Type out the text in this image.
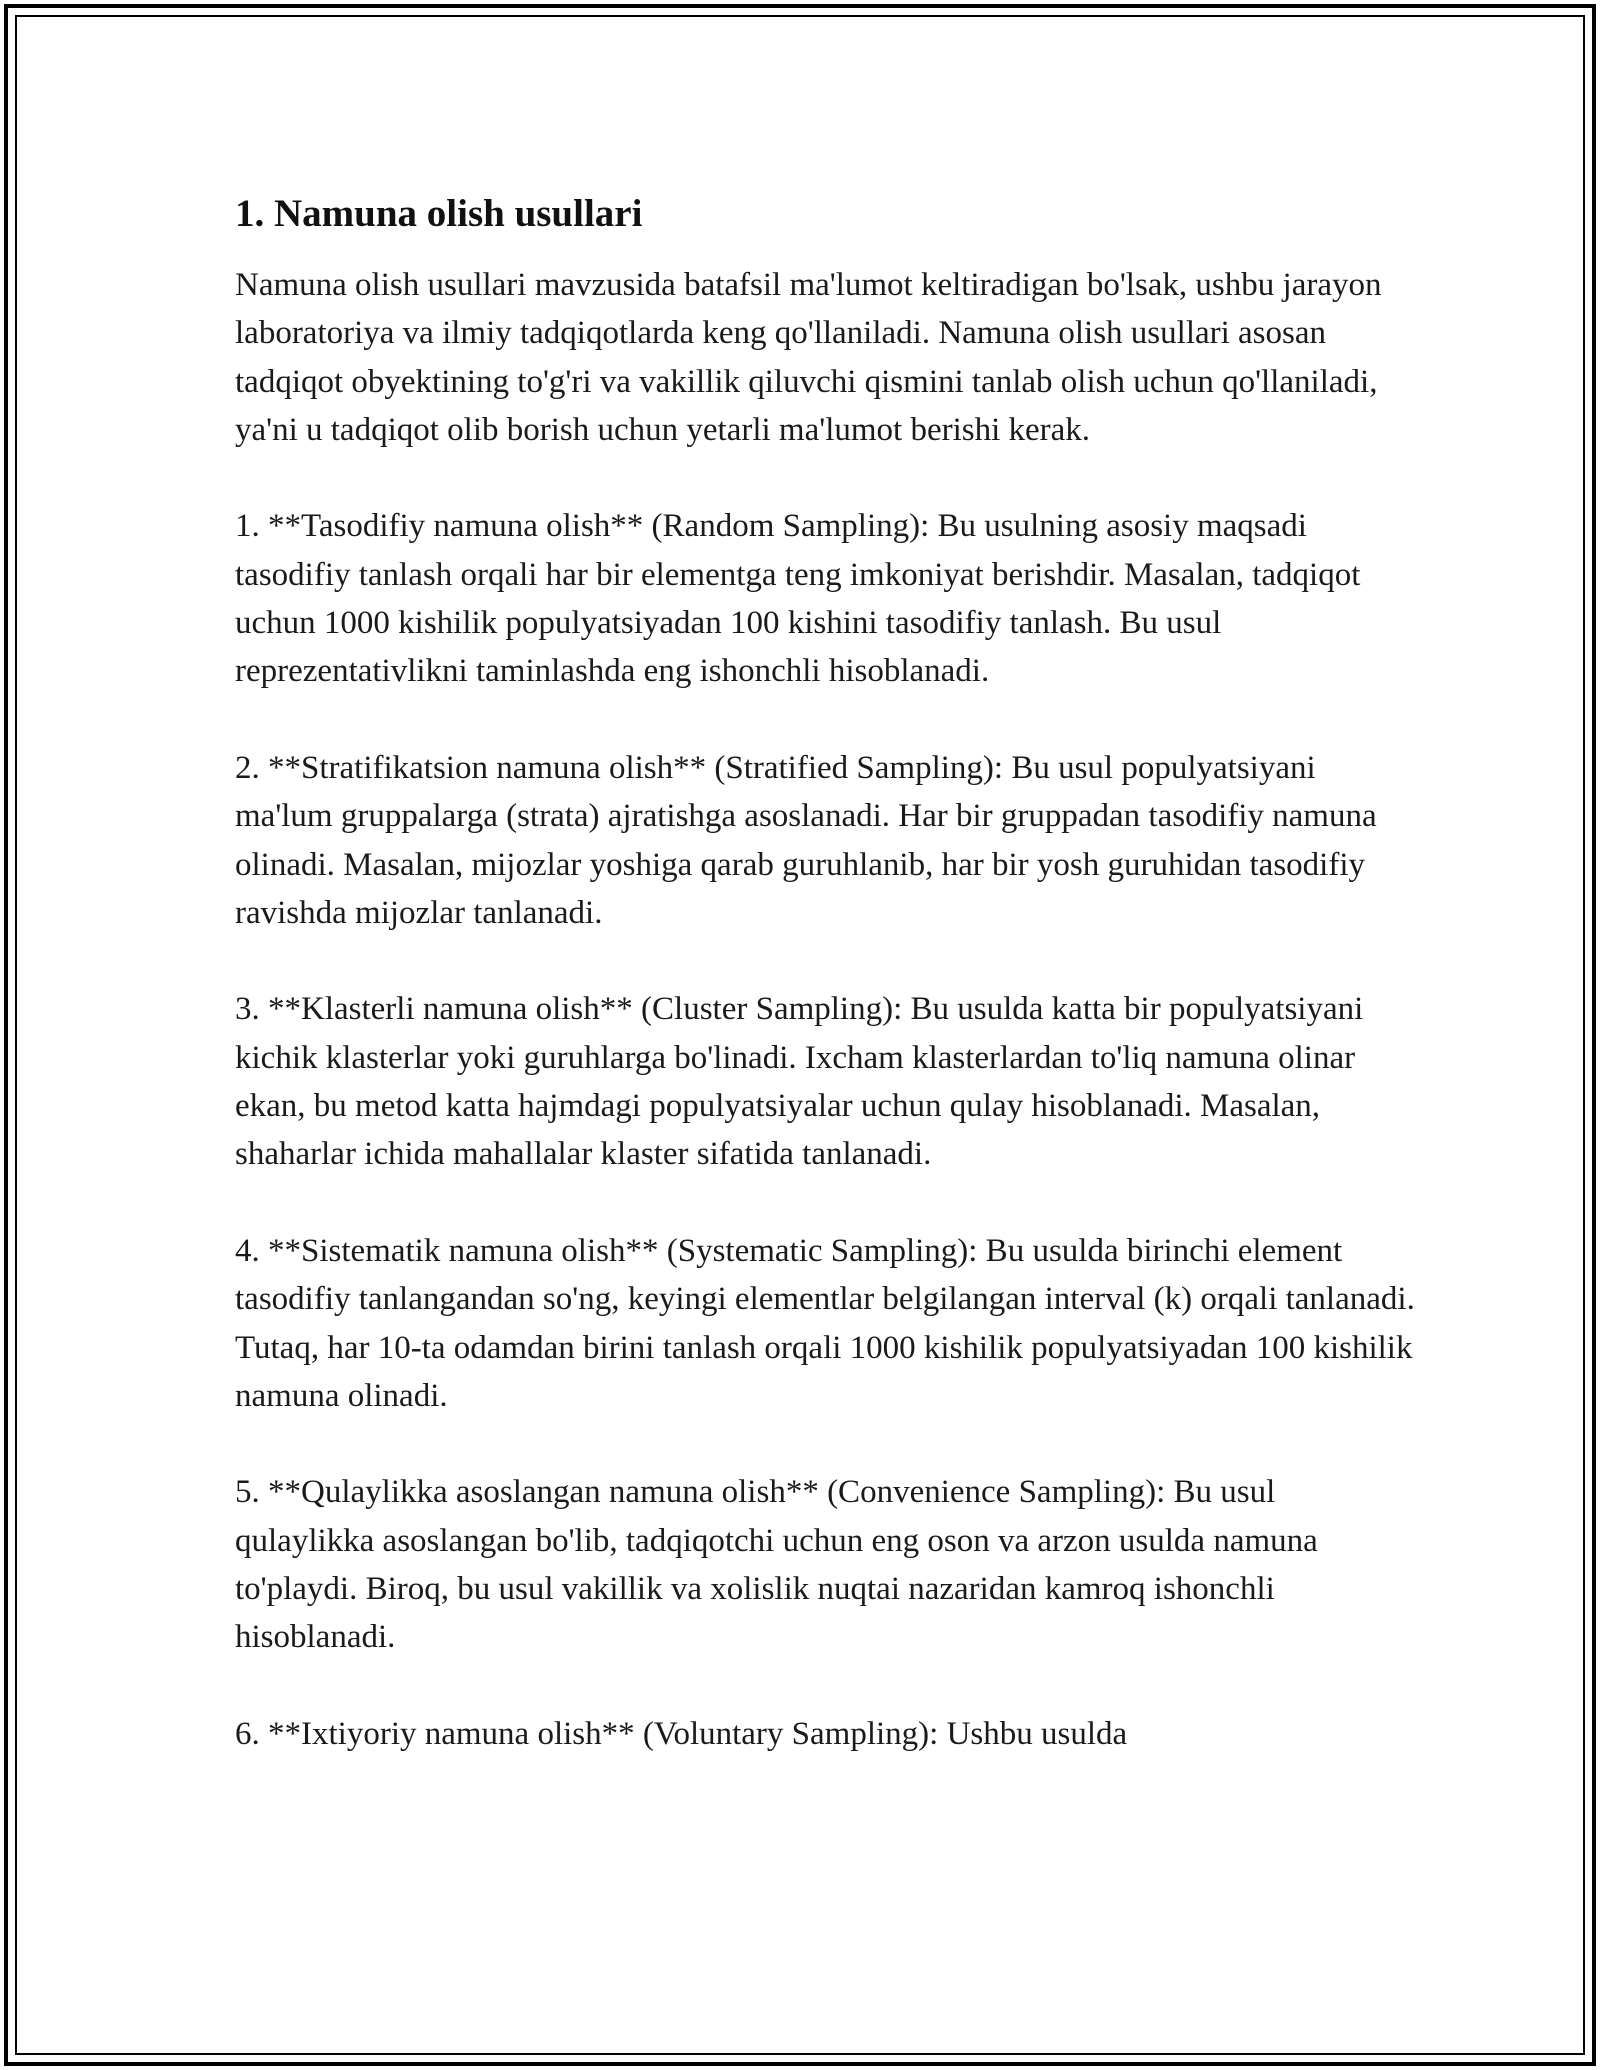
1. Namuna olish usullari

Namuna olish usullari mavzusida batafsil ma'lumot keltiradigan bo'lsak, ushbu jarayon laboratoriya va ilmiy tadqiqotlarda keng qo'llaniladi. Namuna olish usullari asosan tadqiqot obyektining to'g'ri va vakillik qiluvchi qismini tanlab olish uchun qo'llaniladi, ya'ni u tadqiqot olib borish uchun yetarli ma'lumot berishi kerak.

1. **Tasodifiy namuna olish** (Random Sampling): Bu usulning asosiy maqsadi tasodifiy tanlash orqali har bir elementga teng imkoniyat berishdir. Masalan, tadqiqot uchun 1000 kishilik populyatsiyadan 100 kishini tasodifiy tanlash. Bu usul reprezentativlikni taminlashda eng ishonchli hisoblanadi.

2. **Stratifikatsion namuna olish** (Stratified Sampling): Bu usul populyatsiyani ma'lum gruppalarga (strata) ajratishga asoslanadi. Har bir gruppadan tasodifiy namuna olinadi. Masalan, mijozlar yoshiga qarab guruhlanib, har bir yosh guruhidan tasodifiy ravishda mijozlar tanlanadi.

3. **Klasterli namuna olish** (Cluster Sampling): Bu usulda katta bir populyatsiyani kichik klasterlar yoki guruhlarga bo'linadi. Ixcham klasterlardan to'liq namuna olinar ekan, bu metod katta hajmdagi populyatsiyalar uchun qulay hisoblanadi. Masalan, shaharlar ichida mahallalar klaster sifatida tanlanadi.

4. **Sistematik namuna olish** (Systematic Sampling): Bu usulda birinchi element tasodifiy tanlangandan so'ng, keyingi elementlar belgilangan interval (k) orqali tanlanadi. Tutaq, har 10-ta odamdan birini tanlash orqali 1000 kishilik populyatsiyadan 100 kishilik namuna olinadi.

5. **Qulaylikka asoslangan namuna olish** (Convenience Sampling): Bu usul qulaylikka asoslangan bo'lib, tadqiqotchi uchun eng oson va arzon usulda namuna to'playdi. Biroq, bu usul vakillik va xolislik nuqtai nazaridan kamroq ishonchli hisoblanadi.

6. **Ixtiyoriy namuna olish** (Voluntary Sampling): Ushbu usulda
